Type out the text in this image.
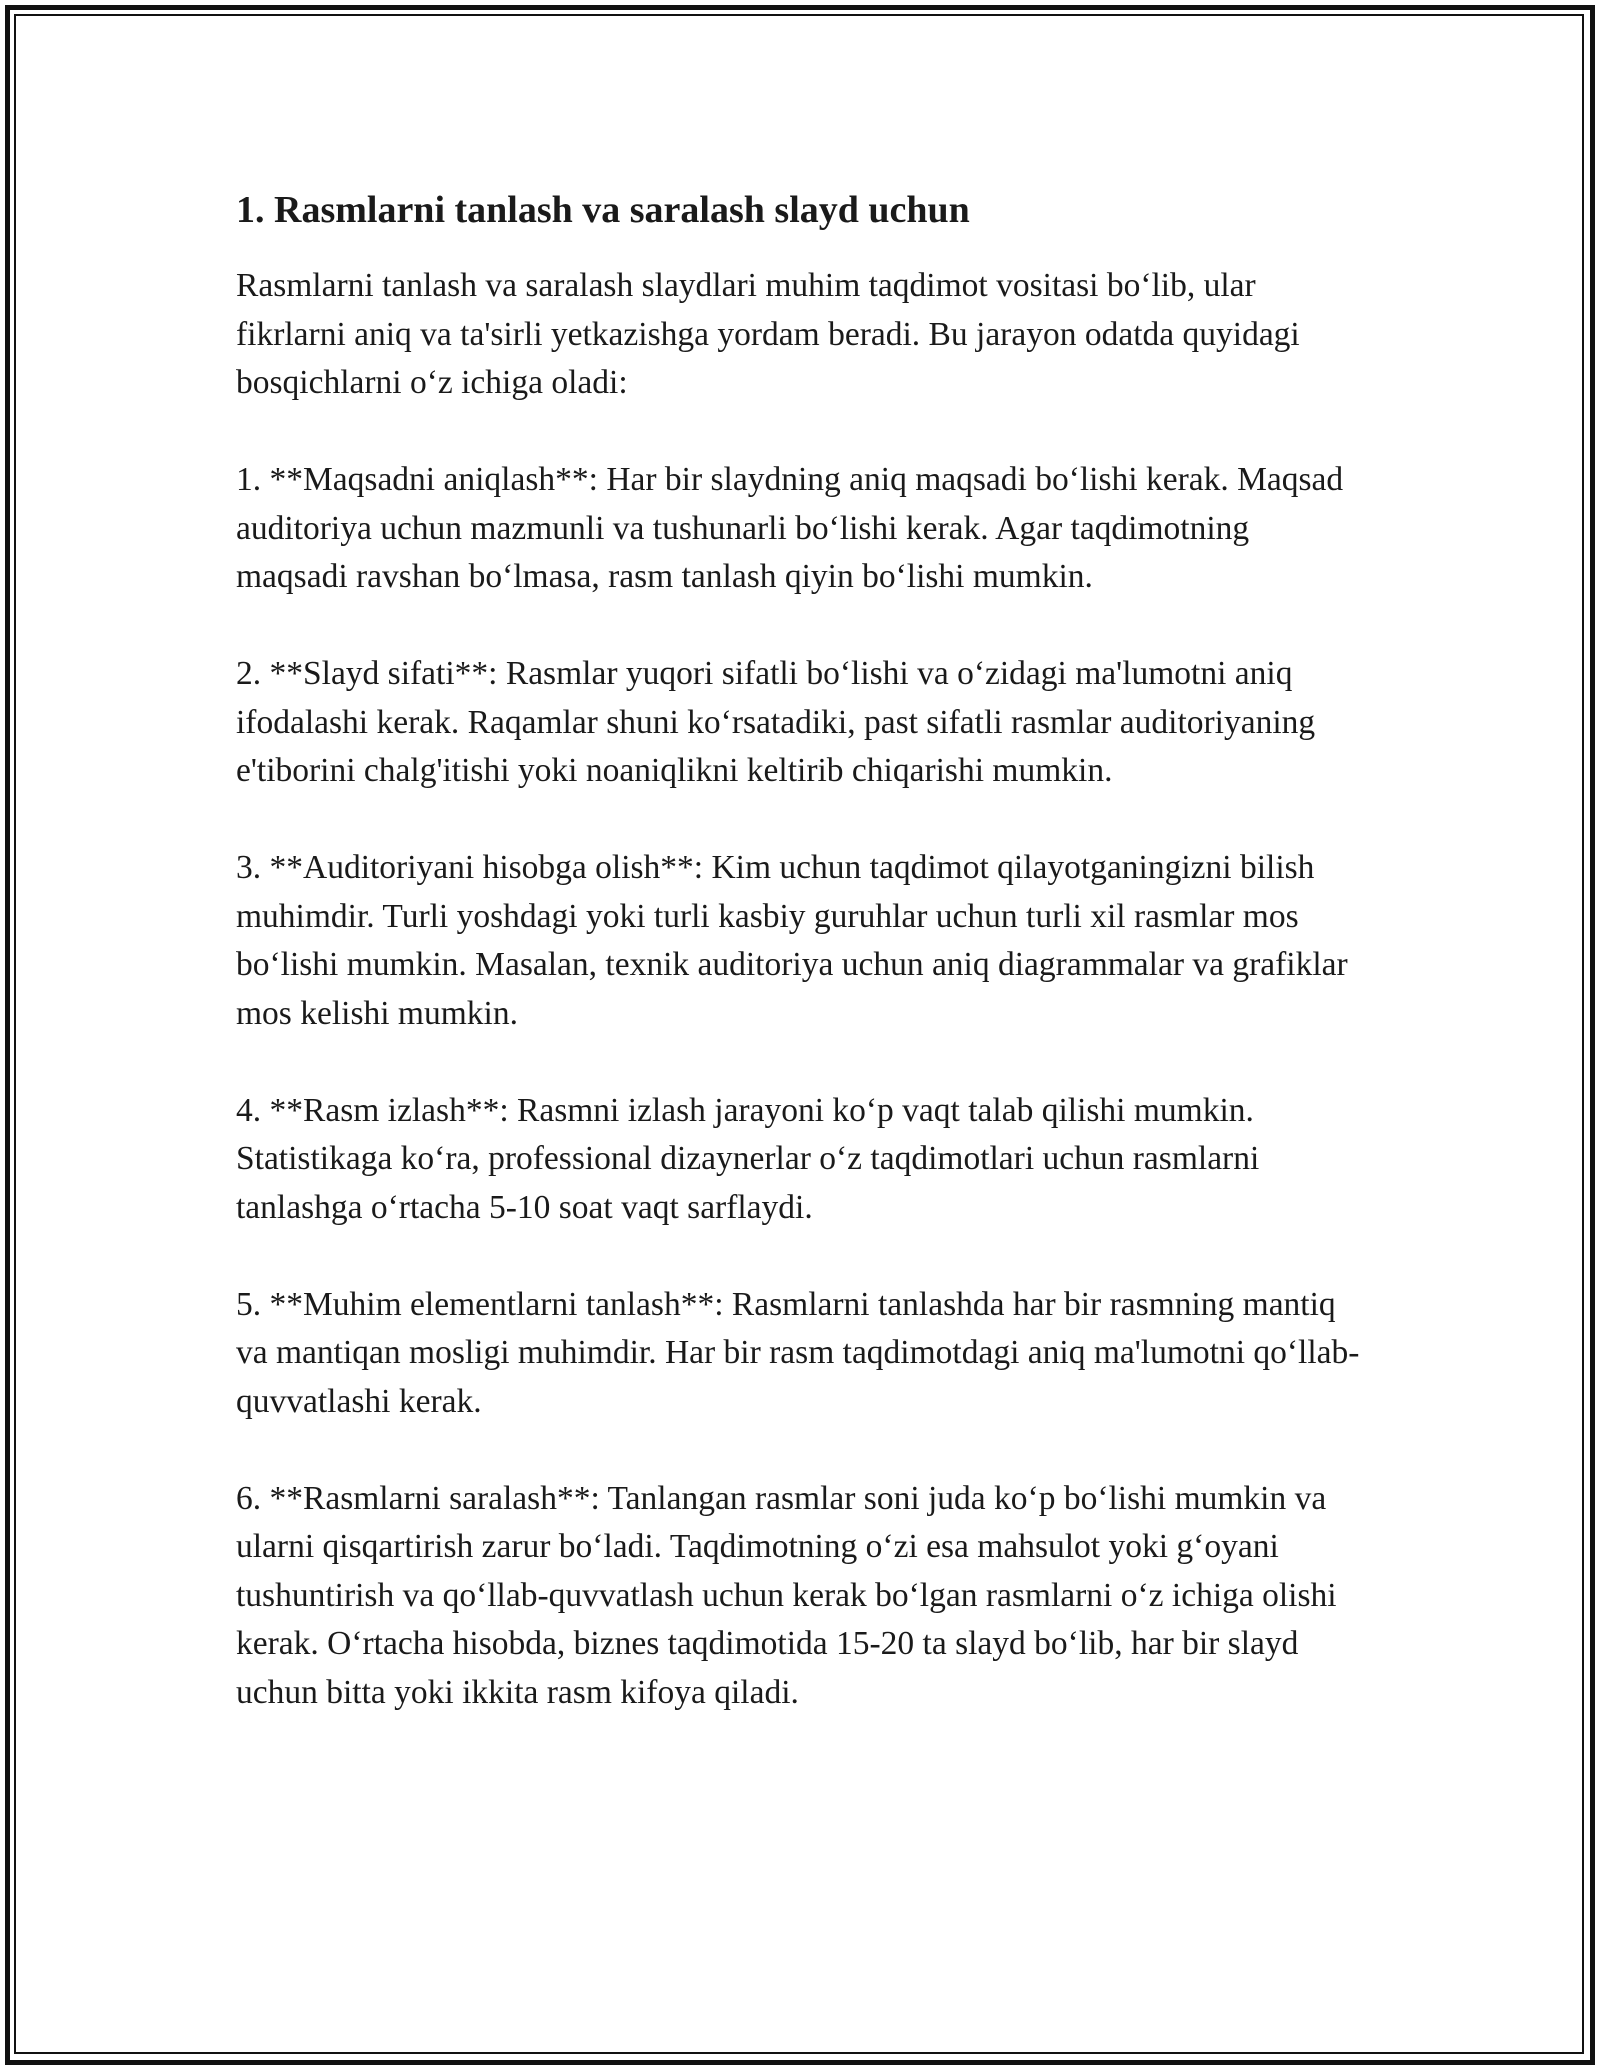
1. Rasmlarni tanlash va saralash slayd uchun

Rasmlarni tanlash va saralash slaydlari muhim taqdimot vositasi boʻlib, ular fikrlarni aniq va ta'sirli yetkazishga yordam beradi. Bu jarayon odatda quyidagi bosqichlarni oʻz ichiga oladi:

1. **Maqsadni aniqlash**: Har bir slaydning aniq maqsadi boʻlishi kerak. Maqsad auditoriya uchun mazmunli va tushunarli boʻlishi kerak. Agar taqdimotning maqsadi ravshan boʻlmasa, rasm tanlash qiyin boʻlishi mumkin.

2. **Slayd sifati**: Rasmlar yuqori sifatli boʻlishi va oʻzidagi ma'lumotni aniq ifodalashi kerak. Raqamlar shuni koʻrsatadiki, past sifatli rasmlar auditoriyaning e'tiborini chalg'itishi yoki noaniqlikni keltirib chiqarishi mumkin.

3. **Auditoriyani hisobga olish**: Kim uchun taqdimot qilayotganingizni bilish muhimdir. Turli yoshdagi yoki turli kasbiy guruhlar uchun turli xil rasmlar mos boʻlishi mumkin. Masalan, texnik auditoriya uchun aniq diagrammalar va grafiklar mos kelishi mumkin.

4. **Rasm izlash**: Rasmni izlash jarayoni koʻp vaqt talab qilishi mumkin. Statistikaga koʻra, professional dizaynerlar oʻz taqdimotlari uchun rasmlarni tanlashga oʻrtacha 5-10 soat vaqt sarflaydi.

5. **Muhim elementlarni tanlash**: Rasmlarni tanlashda har bir rasmning mantiq va mantiqan mosligi muhimdir. Har bir rasm taqdimotdagi aniq ma'lumotni qoʻllab-quvvatlashi kerak.

6. **Rasmlarni saralash**: Tanlangan rasmlar soni juda koʻp boʻlishi mumkin va ularni qisqartirish zarur boʻladi. Taqdimotning oʻzi esa mahsulot yoki gʻoyani tushuntirish va qoʻllab-quvvatlash uchun kerak boʻlgan rasmlarni oʻz ichiga olishi kerak. Oʻrtacha hisobda, biznes taqdimotida 15-20 ta slayd boʻlib, har bir slayd uchun bitta yoki ikkita rasm kifoya qiladi.
